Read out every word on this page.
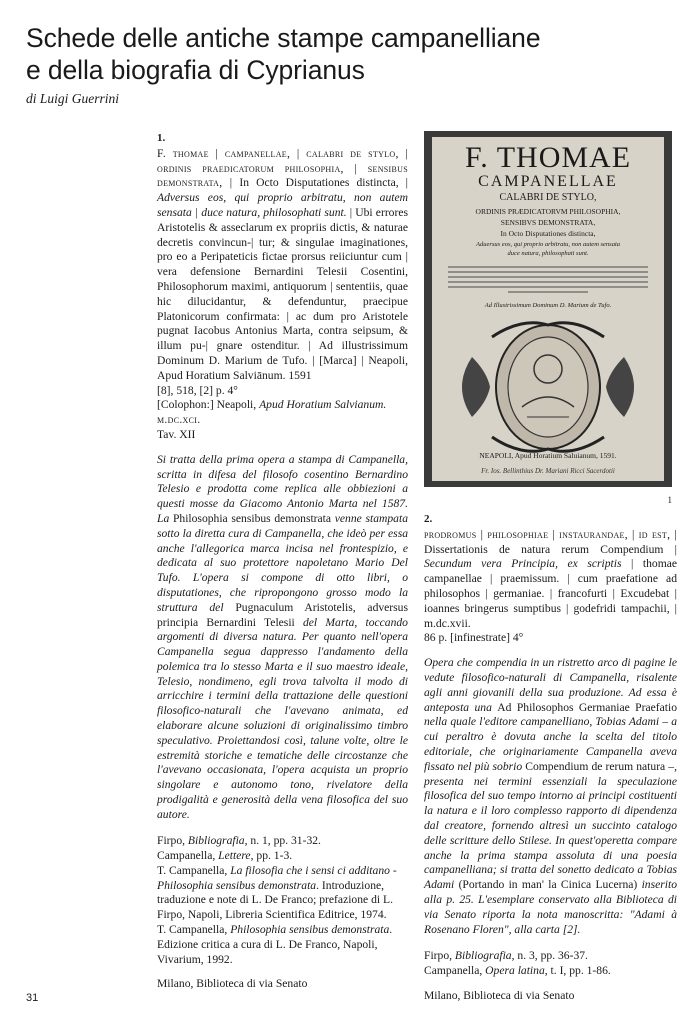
Schede delle antiche stampe campanelliane
e della biografia di Cyprianus
di Luigi Guerrini
1.

F. thomae | campanellae, | calabri de stylo, | ordinis praedicatorum philosophia, | sensibus demonstrata, | In Octo Disputationes distincta, | Adversus eos, qui proprio arbitratu, non autem sensata | duce natura, philosophati sunt. | Ubi errores Aristotelis & asseclarum ex propriis dictis, & naturae decretis convincun-| tur; & singulae imaginationes, pro eo a Peripateticis fictae prorsus reiiciuntur cum | vera defensione Bernardini Telesii Cosentini, Philosophorum maximi, antiquorum | sententiis, quae hic dilucidantur, & defenduntur, praecipue Platonicorum confirmata: | ac dum pro Aristotele pugnat Iacobus Antonius Marta, contra seipsum, & illum pu-| gnare ostenditur. | Ad illustrissimum Dominum D. Marium de Tufo. | [Marca] | Neapoli, Apud Horatium Salviānum. 1591

[8], 518, [2] p. 4°
[Colophon:] Neapoli, Apud Horatium Salvianum. m.dc.xci.
Tav. XII

Si tratta della prima opera a stampa di Campanella, scritta in difesa del filosofo cosentino Bernardino Telesio e prodotta come replica alle obbiezioni a questi mosse da Giacomo Antonio Marta nel 1587. La Philosophia sensibus demonstrata venne stampata sotto la diretta cura di Campanella, che ideò per essa anche l'allegorica marca incisa nel frontespizio, e dedicata al suo protettore napoletano Mario Del Tufo. L'opera si compone di otto libri, o disputationes, che ripropongono grosso modo la struttura del Pugnaculum Aristotelis, adversus principia Bernardini Telesii del Marta, toccando argomenti di diversa natura. Per quanto nell'opera Campanella segua dappresso l'andamento della polemica tra lo stesso Marta e il suo maestro ideale, Telesio, nondimeno, egli trova talvolta il modo di arricchire i termini della trattazione delle questioni filosofico-naturali che l'avevano animata, ed elaborare alcune soluzioni di originalissimo timbro speculativo. Proiettandosi così, talune volte, oltre le estremità storiche e tematiche delle circostanze che l'avevano occasionata, l'opera acquista un proprio singolare e autonomo tono, rivelatore della prodigalità e generosità della vena filosofica del suo autore.

Firpo, Bibliografia, n. 1, pp. 31-32.
Campanella, Lettere, pp. 1-3.
T. Campanella, La filosofia che i sensi ci additano - Philosophia sensibus demonstrata. Introduzione, traduzione e note di L. De Franco; prefazione di L. Firpo, Napoli, Libreria Scientifica Editrice, 1974.
T. Campanella, Philosophia sensibus demonstrata. Edizione critica a cura di L. De Franco, Napoli, Vivarium, 1992.
Milano, Biblioteca di via Senato
F. THOMAE
CAMPANELLAE
CALABRI DE STYLO,
ORDINIS PRÆDICATORVM PHILOSOPHIA,
SENSIBVS DEMONSTRATA,
In Octo Disputationes distincta,
Aduersus eos, qui proprio arbitratu, non autem sensata
duce natura, philosophati sunt.
Ad Illustrissimum Dominum D. Marium de Tufo.
NEAPOLI, Apud Horatium Saluianum, 1591.
Fr. Ios. Bellinthius Dr. Mariani Ricci Sacerdotii
1
2.

prodromus | philosophiae | instaurandae, | id est, | Dissertationis de natura rerum Compendium | Secundum vera Principia, ex scriptis | thomae campanellae | praemissum. | cum praefatione ad philosophos | germaniae. | francofurti | Excudebat | ioannes bringerus sumptibus | godefridi tampachii, | m.dc.xvii.

86 p. [infinestrate] 4°

Opera che compendia in un ristretto arco di pagine le vedute filosofico-naturali di Campanella, risalente agli anni giovanili della sua produzione. Ad essa è anteposta una Ad Philosophos Germaniae Praefatio nella quale l'editore campanelliano, Tobias Adami – a cui peraltro è dovuta anche la scelta del titolo editoriale, che originariamente Campanella aveva fissato nel più sobrio Compendium de rerum natura –, presenta nei termini essenziali la speculazione filosofica del suo tempo intorno ai principi costituenti la natura e il loro complesso rapporto di dipendenza dal creatore, fornendo altresì un succinto catalogo delle scritture dello Stilese. In quest'operetta compare anche la prima stampa assoluta di una poesia campanelliana; si tratta del sonetto dedicato a Tobias Adami (Portando in man' la Cinica Lucerna) inserito alla p. 25. L'esemplare conservato alla Biblioteca di via Senato riporta la nota manoscritta: "Adami à Rosenano Floren", alla carta [2].

Firpo, Bibliografia, n. 3, pp. 36-37.
Campanella, Opera latina, t. I, pp. 1-86.
Milano, Biblioteca di via Senato
31
